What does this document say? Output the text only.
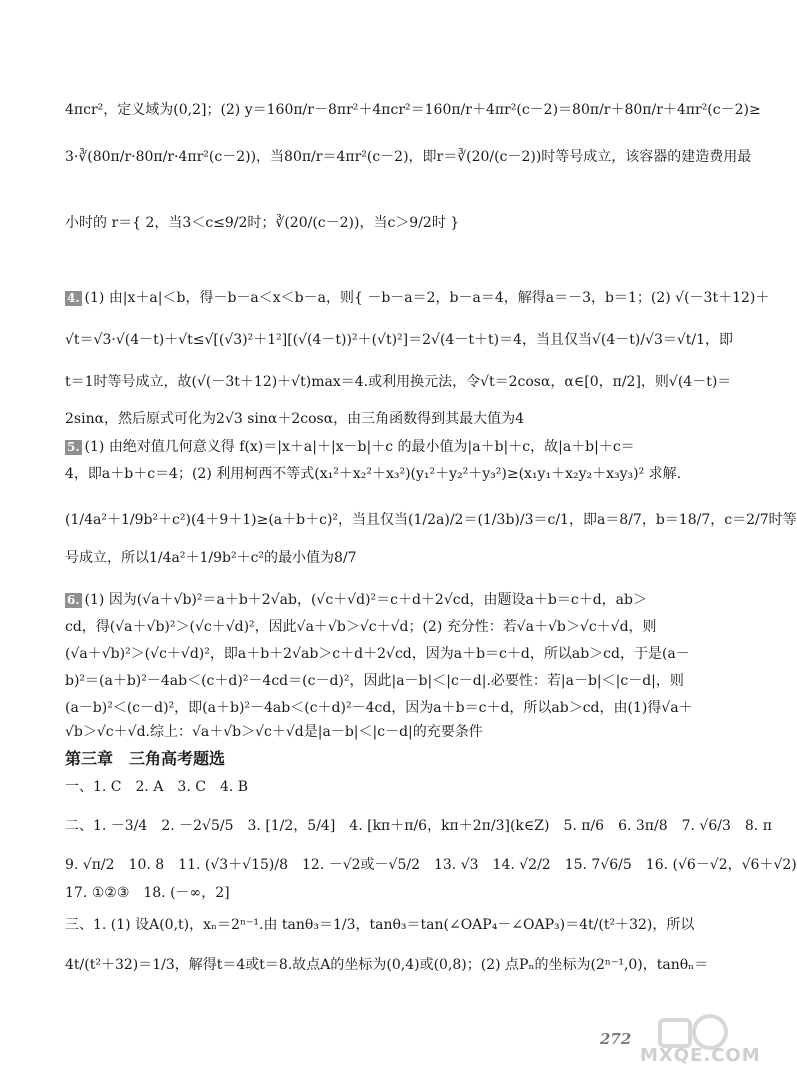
4πcr²，定义域为(0,2]；(2) y＝160π/r－8πr²＋4πcr²＝160π/r＋4πr²(c－2)＝80π/r＋80π/r＋4πr²(c－2)≥
3·∛(80π/r·80π/r·4πr²(c－2))，当80π/r＝4πr²(c－2)，即r＝∛(20/(c－2))时等号成立，该容器的建造费用最
小时的 r＝{ 2，当3＜c≤9/2时；∛(20/(c－2))，当c＞9/2时 }
4. (1) 由|x＋a|＜b，得－b－a＜x＜b－a，则{ －b－a＝2，b－a＝4，解得a＝－3，b＝1；(2) √(－3t＋12)＋
√t＝√3·√(4－t)＋√t≤√[(√3)²＋1²][(√(4－t))²＋(√t)²]＝2√(4－t＋t)＝4，当且仅当√(4－t)/√3＝√t/1，即
t＝1时等号成立，故(√(－3t＋12)＋√t)max＝4.或利用换元法，令√t＝2cosα，α∈[0，π/2]，则√(4－t)＝
2sinα，然后原式可化为2√3 sinα＋2cosα，由三角函数得到其最大值为4
5. (1) 由绝对值几何意义得 f(x)＝|x＋a|＋|x－b|＋c 的最小值为|a＋b|＋c，故|a＋b|＋c＝
4，即a＋b＋c＝4；(2) 利用柯西不等式(x₁²＋x₂²＋x₃²)(y₁²＋y₂²＋y₃²)≥(x₁y₁＋x₂y₂＋x₃y₃)² 求解.
(1/4a²＋1/9b²＋c²)(4＋9＋1)≥(a＋b＋c)²，当且仅当(1/2a)/2＝(1/3b)/3＝c/1，即a＝8/7，b＝18/7，c＝2/7时等
号成立，所以1/4a²＋1/9b²＋c²的最小值为8/7
6. (1) 因为(√a＋√b)²＝a＋b＋2√ab，(√c＋√d)²＝c＋d＋2√cd，由题设a＋b＝c＋d，ab＞
cd，得(√a＋√b)²＞(√c＋√d)²，因此√a＋√b＞√c＋√d；(2) 充分性：若√a＋√b＞√c＋√d，则
(√a＋√b)²＞(√c＋√d)²，即a＋b＋2√ab＞c＋d＋2√cd，因为a＋b＝c＋d，所以ab＞cd，于是(a－
b)²＝(a＋b)²－4ab＜(c＋d)²－4cd＝(c－d)²，因此|a－b|＜|c－d|.必要性：若|a－b|＜|c－d|，则
(a－b)²＜(c－d)²，即(a＋b)²－4ab＜(c＋d)²－4cd，因为a＋b＝c＋d，所以ab＞cd，由(1)得√a＋
√b＞√c＋√d.综上：√a＋√b＞√c＋√d是|a－b|＜|c－d|的充要条件
第三章　三角高考题选
一、1. C　2. A　3. C　4. B
二、1. －3/4　2. －2√5/5　3. [1/2，5/4]　4. [kπ＋π/6，kπ＋2π/3](k∈Z)　5. π/6　6. 3π/8　7. √6/3　8. π
9. √π/2　10. 8　11. (√3＋√15)/8　12. －√2或－√5/2　13. √3　14. √2/2　15. 7√6/5　16. (√6－√2，√6＋√2)
17. ①②③　18. (－∞，2]
三、1. (1) 设A(0,t)，xₙ＝2ⁿ⁻¹.由 tanθ₃＝1/3，tanθ₃＝tan(∠OAP₄－∠OAP₃)＝4t/(t²＋32)，所以
4t/(t²＋32)＝1/3，解得t＝4或t＝8.故点A的坐标为(0,4)或(0,8)；(2) 点Pₙ的坐标为(2ⁿ⁻¹,0)，tanθₙ＝
272
MXQE.COM
